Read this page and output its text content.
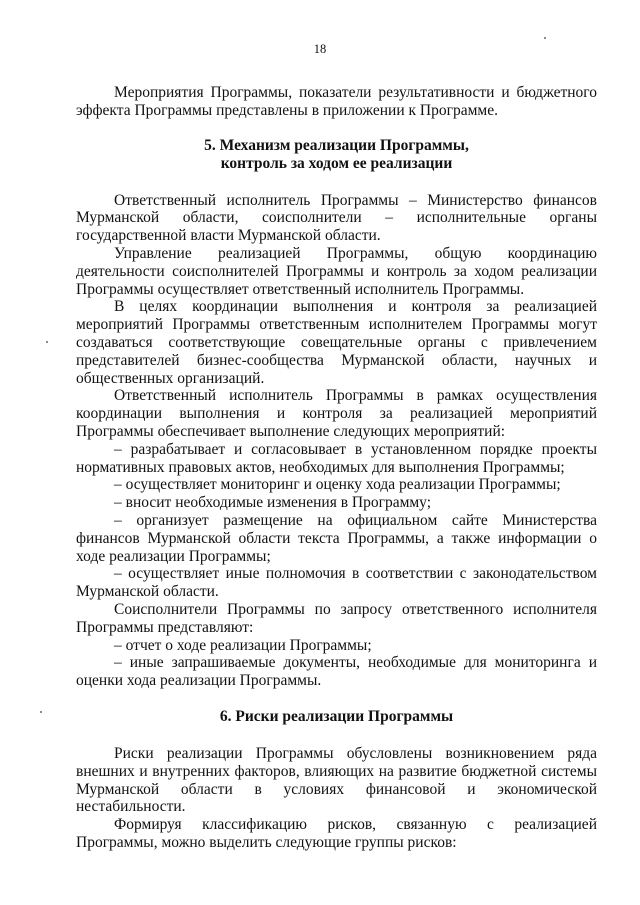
18

Мероприятия Программы, показатели результативности и бюджетного эффекта Программы представлены в приложении к Программе.

5. Механизм реализации Программы,

контроль за ходом ее реализации

Ответственный исполнитель Программы – Министерство финансов Мурманской области, соисполнители – исполнительные органы государственной власти Мурманской области.

Управление реализацией Программы, общую координацию деятельности соисполнителей Программы и контроль за ходом реализации Программы осуществляет ответственный исполнитель Программы.

В целях координации выполнения и контроля за реализацией мероприятий Программы ответственным исполнителем Программы могут создаваться соответствующие совещательные органы с привлечением представителей бизнес-сообщества Мурманской области, научных и общественных организаций.

Ответственный исполнитель Программы в рамках осуществления координации выполнения и контроля за реализацией мероприятий Программы обеспечивает выполнение следующих мероприятий:

– разрабатывает и согласовывает в установленном порядке проекты нормативных правовых актов, необходимых для выполнения Программы;

– осуществляет мониторинг и оценку хода реализации Программы;

– вносит необходимые изменения в Программу;

– организует размещение на официальном сайте Министерства финансов Мурманской области текста Программы, а также информации о ходе реализации Программы;

– осуществляет иные полномочия в соответствии с законодательством Мурманской области.

Соисполнители Программы по запросу ответственного исполнителя Программы представляют:

– отчет о ходе реализации Программы;

– иные запрашиваемые документы, необходимые для мониторинга и оценки хода реализации Программы.

6. Риски реализации Программы

Риски реализации Программы обусловлены возникновением ряда внешних и внутренних факторов, влияющих на развитие бюджетной системы Мурманской области в условиях финансовой и экономической нестабильности.

Формируя классификацию рисков, связанную с реализацией Программы, можно выделить следующие группы рисков:
